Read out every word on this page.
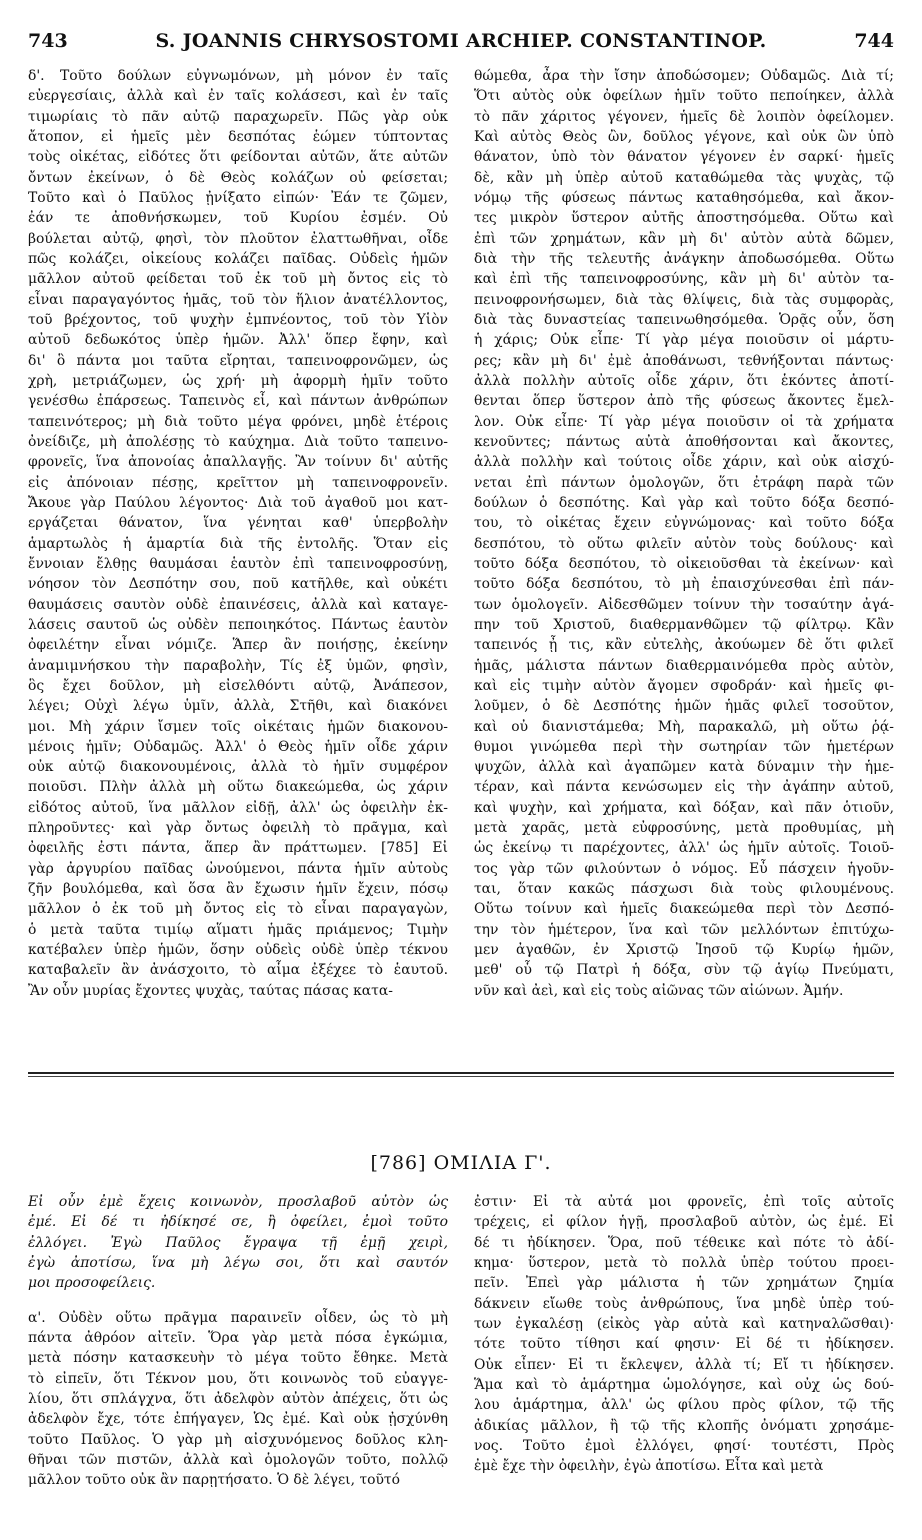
743	S. JOANNIS CHRYSOSTOMI ARCHIEP. CONSTANTINOP.	744
δ'. Τοῦτο δούλων εὐγνωμόνων, μὴ μόνον ἐν ταῖς
εὐεργεσίαις, ἀλλὰ καὶ ἐν ταῖς κολάσεσι, καὶ ἐν ταῖς
τιμωρίαις τὸ πᾶν αὐτῷ παραχωρεῖν. Πῶς γὰρ οὐκ
ἄτοπον, εἰ ἡμεῖς μὲν δεσπότας ἑώμεν τύπτοντας
τοὺς οἰκέτας, εἰδότες ὅτι φείδονται αὐτῶν, ἅτε αὐτῶν
ὄντων ἐκείνων, ὁ δὲ Θεὸς κολάζων οὐ φείσεται;
Τοῦτο καὶ ὁ Παῦλος ᾐνίξατο εἰπών· Ἐάν τε ζῶμεν,
ἐάν τε ἀποθνήσκωμεν, τοῦ Κυρίου ἐσμέν. Οὐ
βούλεται αὐτῷ, φησὶ, τὸν πλοῦτον ἐλαττωθῆναι, οἶδε
πῶς κολάζει, οἰκείους κολάζει παῖδας. Οὐδεὶς ἡμῶν
μᾶλλον αὐτοῦ φείδεται τοῦ ἐκ τοῦ μὴ ὄντος εἰς τὸ
εἶναι παραγαγόντος ἡμᾶς, τοῦ τὸν ἥλιον ἀνατέλλοντος,
τοῦ βρέχοντος, τοῦ ψυχὴν ἐμπνέοντος, τοῦ τὸν Υἱὸν
αὐτοῦ δεδωκότος ὑπὲρ ἡμῶν. Ἀλλ' ὅπερ ἔφην, καὶ
δι' ὃ πάντα μοι ταῦτα εἴρηται, ταπεινοφρονῶμεν, ὡς
χρὴ, μετριάζωμεν, ὡς χρή· μὴ ἀφορμὴ ἡμῖν τοῦτο
γενέσθω ἐπάρσεως. Ταπεινὸς εἶ, καὶ πάντων ἀνθρώπων
ταπεινότερος; μὴ διὰ τοῦτο μέγα φρόνει, μηδὲ ἑτέροις
ὀνείδιζε, μὴ ἀπολέσῃς τὸ καύχημα. Διὰ τοῦτο ταπεινο-
φρονεῖς, ἵνα ἀπονοίας ἀπαλλαγῇς. Ἂν τοίνυν δι' αὐτῆς
εἰς ἀπόνοιαν πέσῃς, κρεῖττον μὴ ταπεινοφρονεῖν.
Ἄκουε γὰρ Παύλου λέγοντος· Διὰ τοῦ ἀγαθοῦ μοι κατ-
εργάζεται θάνατον, ἵνα γένηται καθ' ὑπερβολὴν
ἁμαρτωλὸς ἡ ἁμαρτία διὰ τῆς ἐντολῆς. Ὅταν εἰς
ἔννοιαν ἔλθῃς θαυμάσαι ἑαυτὸν ἐπὶ ταπεινοφροσύνῃ,
νόησον τὸν Δεσπότην σου, ποῦ κατῆλθε, καὶ οὐκέτι
θαυμάσεις σαυτὸν οὐδὲ ἐπαινέσεις, ἀλλὰ καὶ καταγε-
λάσεις σαυτοῦ ὡς οὐδὲν πεποιηκότος. Πάντως ἑαυτὸν
ὀφειλέτην εἶναι νόμιζε. Ἅπερ ἂν ποιήσῃς, ἐκείνην
ἀναμιμνήσκου τὴν παραβολὴν, Τίς ἐξ ὑμῶν, φησὶν,
ὃς ἔχει δοῦλον, μὴ εἰσελθόντι αὐτῷ, Ἀνάπεσον,
λέγει; Οὐχὶ λέγω ὑμῖν, ἀλλὰ, Στῆθι, καὶ διακόνει
μοι. Μὴ χάριν ἴσμεν τοῖς οἰκέταις ἡμῶν διακονου-
μένοις ἡμῖν; Οὐδαμῶς. Ἀλλ' ὁ Θεὸς ἡμῖν οἶδε χάριν
οὐκ αὐτῷ διακονουμένοις, ἀλλὰ τὸ ἡμῖν συμφέρον
ποιοῦσι. Πλὴν ἀλλὰ μὴ οὕτω διακεώμεθα, ὡς χάριν
εἰδότος αὐτοῦ, ἵνα μᾶλλον εἰδῇ, ἀλλ' ὡς ὀφειλὴν ἐκ-
πληροῦντες· καὶ γὰρ ὄντως ὀφειλὴ τὸ πρᾶγμα, καὶ
ὀφειλῆς ἐστι πάντα, ἅπερ ἂν πράττωμεν. [785] Εἰ
γὰρ ἀργυρίου παῖδας ὠνούμενοι, πάντα ἡμῖν αὐτοὺς
ζῆν βουλόμεθα, καὶ ὅσα ἂν ἔχωσιν ἡμῖν ἔχειν, πόσῳ
μᾶλλον ὁ ἐκ τοῦ μὴ ὄντος εἰς τὸ εἶναι παραγαγὼν,
ὁ μετὰ ταῦτα τιμίῳ αἵματι ἡμᾶς πριάμενος; Τιμὴν
κατέβαλεν ὑπὲρ ἡμῶν, ὅσην οὐδεὶς οὐδὲ ὑπὲρ τέκνου
καταβαλεῖν ἂν ἀνάσχοιτο, τὸ αἷμα ἐξέχεε τὸ ἑαυτοῦ.
Ἂν οὖν μυρίας ἔχοντες ψυχὰς, ταύτας πάσας κατα-
θώμεθα, ἆρα τὴν ἴσην ἀποδώσομεν; Οὐδαμῶς. Διὰ τί;
Ὅτι αὐτὸς οὐκ ὀφείλων ἡμῖν τοῦτο πεποίηκεν, ἀλλὰ
τὸ πᾶν χάριτος γέγονεν, ἡμεῖς δὲ λοιπὸν ὀφείλομεν.
Καὶ αὐτὸς Θεὸς ὢν, δοῦλος γέγονε, καὶ οὐκ ὢν ὑπὸ
θάνατον, ὑπὸ τὸν θάνατον γέγονεν ἐν σαρκί· ἡμεῖς
δὲ, κἂν μὴ ὑπὲρ αὐτοῦ καταθώμεθα τὰς ψυχὰς, τῷ
νόμῳ τῆς φύσεως πάντως καταθησόμεθα, καὶ ἄκον-
τες μικρὸν ὕστερον αὐτῆς ἀποστησόμεθα. Οὕτω καὶ
ἐπὶ τῶν χρημάτων, κἂν μὴ δι' αὐτὸν αὐτὰ δῶμεν,
διὰ τὴν τῆς τελευτῆς ἀνάγκην ἀποδωσόμεθα. Οὕτω
καὶ ἐπὶ τῆς ταπεινοφροσύνης, κἂν μὴ δι' αὐτὸν τα-
πεινοφρονήσωμεν, διὰ τὰς θλίψεις, διὰ τὰς συμφορὰς,
διὰ τὰς δυναστείας ταπεινωθησόμεθα. Ὁρᾷς οὖν, ὅση
ἡ χάρις; Οὐκ εἶπε· Τί γὰρ μέγα ποιοῦσιν οἱ μάρτυ-
ρες; κἂν μὴ δι' ἐμὲ ἀποθάνωσι, τεθνήξονται πάντως·
ἀλλὰ πολλὴν αὐτοῖς οἶδε χάριν, ὅτι ἑκόντες ἀποτί-
θενται ὅπερ ὕστερον ἀπὸ τῆς φύσεως ἄκοντες ἔμελ-
λον. Οὐκ εἶπε· Τί γὰρ μέγα ποιοῦσιν οἱ τὰ χρήματα
κενοῦντες; πάντως αὐτὰ ἀποθήσονται καὶ ἄκοντες,
ἀλλὰ πολλὴν καὶ τούτοις οἶδε χάριν, καὶ οὐκ αἰσχύ-
νεται ἐπὶ πάντων ὁμολογῶν, ὅτι ἐτράφη παρὰ τῶν
δούλων ὁ δεσπότης. Καὶ γὰρ καὶ τοῦτο δόξα δεσπό-
του, τὸ οἰκέτας ἔχειν εὐγνώμονας· καὶ τοῦτο δόξα
δεσπότου, τὸ οὕτω φιλεῖν αὐτὸν τοὺς δούλους· καὶ
τοῦτο δόξα δεσπότου, τὸ οἰκειοῦσθαι τὰ ἐκείνων· καὶ
τοῦτο δόξα δεσπότου, τὸ μὴ ἐπαισχύνεσθαι ἐπὶ πάν-
των ὁμολογεῖν. Αἰδεσθῶμεν τοίνυν τὴν τοσαύτην ἀγά-
πην τοῦ Χριστοῦ, διαθερμανθῶμεν τῷ φίλτρῳ. Κἂν
ταπεινός ᾖ τις, κἂν εὐτελὴς, ἀκούωμεν δὲ ὅτι φιλεῖ
ἡμᾶς, μάλιστα πάντων διαθερμαινόμεθα πρὸς αὐτὸν,
καὶ εἰς τιμὴν αὐτὸν ἄγομεν σφοδράν· καὶ ἡμεῖς φι-
λοῦμεν, ὁ δὲ Δεσπότης ἡμῶν ἡμᾶς φιλεῖ τοσοῦτον,
καὶ οὐ διανιστάμεθα; Μὴ, παρακαλῶ, μὴ οὕτω ῥᾴ-
θυμοι γινώμεθα περὶ τὴν σωτηρίαν τῶν ἡμετέρων
ψυχῶν, ἀλλὰ καὶ ἀγαπῶμεν κατὰ δύναμιν τὴν ἡμε-
τέραν, καὶ πάντα κενώσωμεν εἰς τὴν ἀγάπην αὐτοῦ,
καὶ ψυχὴν, καὶ χρήματα, καὶ δόξαν, καὶ πᾶν ὁτιοῦν,
μετὰ χαρᾶς, μετὰ εὐφροσύνης, μετὰ προθυμίας, μὴ
ὡς ἐκείνῳ τι παρέχοντες, ἀλλ' ὡς ἡμῖν αὐτοῖς. Τοιοῦ-
τος γὰρ τῶν φιλούντων ὁ νόμος. Εὖ πάσχειν ἡγοῦν-
ται, ὅταν κακῶς πάσχωσι διὰ τοὺς φιλουμένους.
Οὕτω τοίνυν καὶ ἡμεῖς διακεώμεθα περὶ τὸν Δεσπό-
την τὸν ἡμέτερον, ἵνα καὶ τῶν μελλόντων ἐπιτύχω-
μεν ἀγαθῶν, ἐν Χριστῷ Ἰησοῦ τῷ Κυρίῳ ἡμῶν,
μεθ' οὗ τῷ Πατρὶ ἡ δόξα, σὺν τῷ ἁγίῳ Πνεύματι,
νῦν καὶ ἀεὶ, καὶ εἰς τοὺς αἰῶνας τῶν αἰώνων. Ἀμήν.
[786] ΟΜΙΛΙΑ Γ'.
Εἰ οὖν ἐμὲ ἔχεις κοινωνὸν, προσλαβοῦ αὐτὸν ὡς
ἐμέ. Εἰ δέ τι ἠδίκησέ σε, ἢ ὀφείλει, ἐμοὶ τοῦτο
ἐλλόγει. Ἐγὼ Παῦλος ἔγραψα τῇ ἐμῇ χειρὶ,
ἐγὼ ἀποτίσω, ἵνα μὴ λέγω σοι, ὅτι καὶ σαυτόν
μοι προσοφείλεις.
α'. Οὐδὲν οὕτω πρᾶγμα παραινεῖν οἶδεν, ὡς τὸ μὴ
πάντα ἀθρόον αἰτεῖν. Ὅρα γὰρ μετὰ πόσα ἐγκώμια,
μετὰ πόσην κατασκευὴν τὸ μέγα τοῦτο ἔθηκε. Μετὰ
τὸ εἰπεῖν, ὅτι Τέκνον μου, ὅτι κοινωνὸς τοῦ εὐαγγε-
λίου, ὅτι σπλάγχνα, ὅτι ἀδελφὸν αὐτὸν ἀπέχεις, ὅτι ὡς
ἀδελφὸν ἔχε, τότε ἐπήγαγεν, Ὡς ἐμέ. Καὶ οὐκ ᾐσχύνθη
τοῦτο Παῦλος. Ὁ γὰρ μὴ αἰσχυνόμενος δοῦλος κλη-
θῆναι τῶν πιστῶν, ἀλλὰ καὶ ὁμολογῶν τοῦτο, πολλῷ
μᾶλλον τοῦτο οὐκ ἂν παρῃτήσατο. Ὁ δὲ λέγει, τοῦτό
ἐστιν· Εἰ τὰ αὐτά μοι φρονεῖς, ἐπὶ τοῖς αὐτοῖς
τρέχεις, εἰ φίλον ἡγῇ, προσλαβοῦ αὐτὸν, ὡς ἐμέ. Εἰ
δέ τι ἠδίκησεν. Ὅρα, ποῦ τέθεικε καὶ πότε τὸ ἀδί-
κημα· ὕστερον, μετὰ τὸ πολλὰ ὑπὲρ τούτου προει-
πεῖν. Ἐπεὶ γὰρ μάλιστα ἡ τῶν χρημάτων ζημία
δάκνειν εἴωθε τοὺς ἀνθρώπους, ἵνα μηδὲ ὑπὲρ τού-
των ἐγκαλέσῃ (εἰκὸς γὰρ αὐτὰ καὶ κατηναλῶσθαι)·
τότε τοῦτο τίθησι καί φησιν· Εἰ δέ τι ἠδίκησεν.
Οὐκ εἶπεν· Εἰ τι ἔκλεψεν, ἀλλὰ τί; Εἴ τι ἠδίκησεν.
Ἅμα καὶ τὸ ἁμάρτημα ὡμολόγησε, καὶ οὐχ ὡς δού-
λου ἁμάρτημα, ἀλλ' ὡς φίλου πρὸς φίλον, τῷ τῆς
ἀδικίας μᾶλλον, ἢ τῷ τῆς κλοπῆς ὀνόματι χρησάμε-
νος. Τοῦτο ἐμοὶ ἐλλόγει, φησί· τουτέστι, Πρὸς
ἐμὲ ἔχε τὴν ὀφειλὴν, ἐγὼ ἀποτίσω. Εἶτα καὶ μετὰ
